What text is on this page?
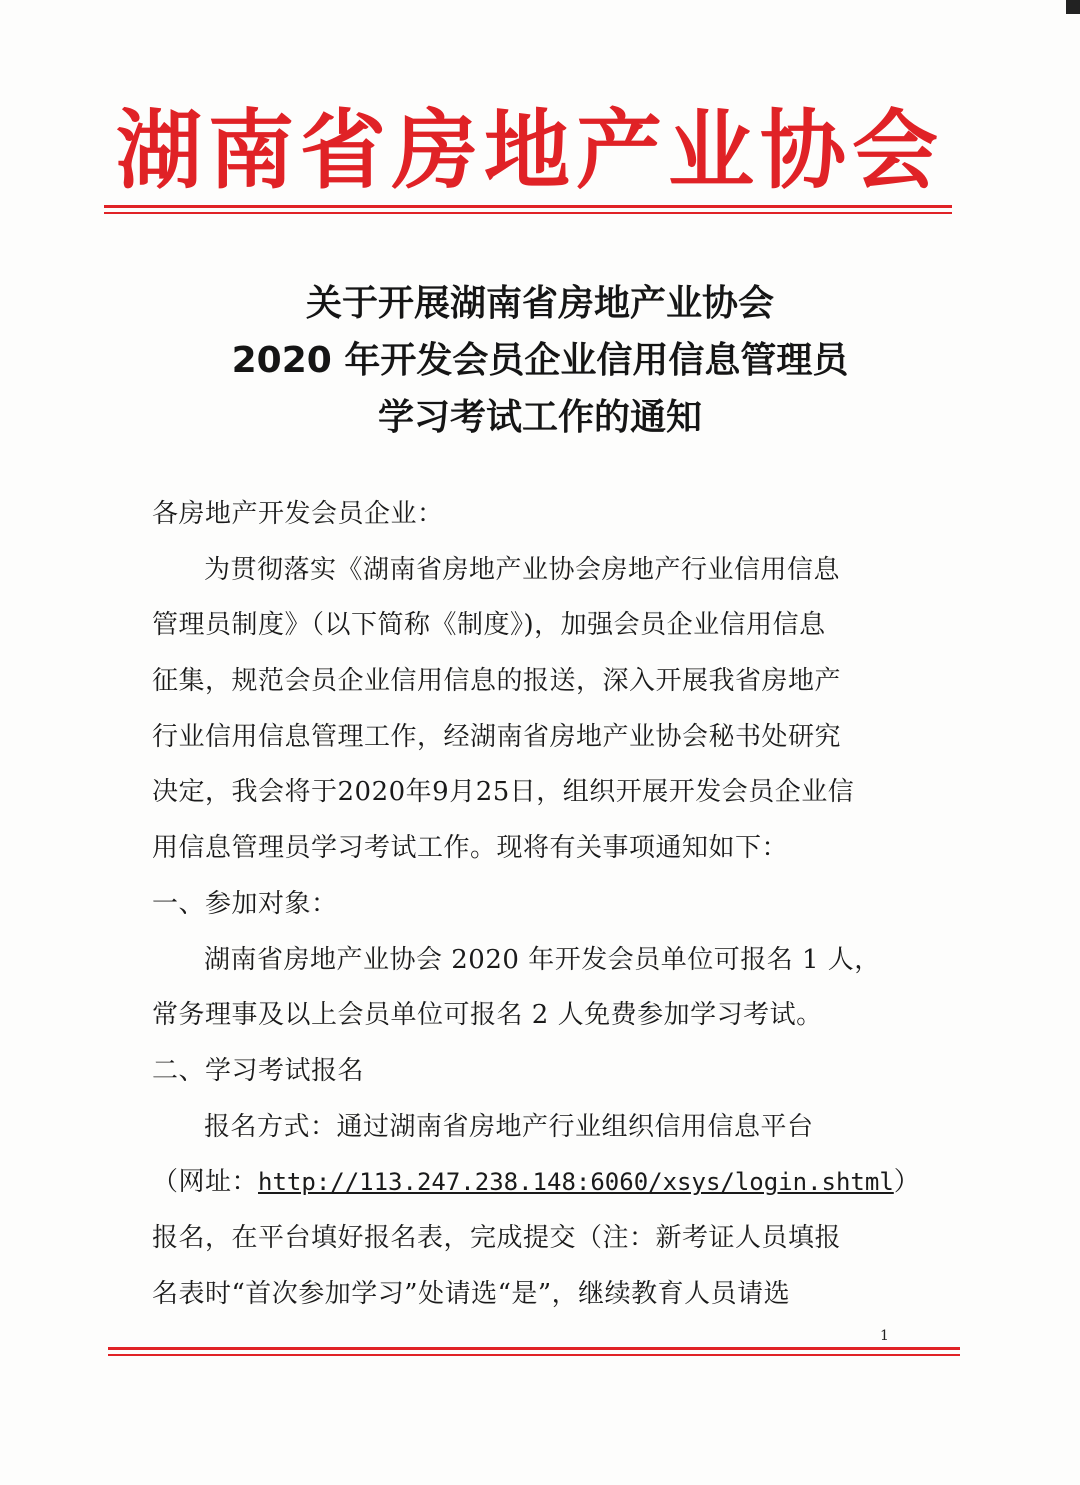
湖南省房地产业协会
关于开展湖南省房地产业协会
2020 年开发会员企业信用信息管理员
学习考试工作的通知
各房地产开发会员企业：
为贯彻落实《湖南省房地产业协会房地产行业信用信息
管理员制度》（以下简称《制度》)，加强会员企业信用信息
征集，规范会员企业信用信息的报送，深入开展我省房地产
行业信用信息管理工作，经湖南省房地产业协会秘书处研究
决定，我会将于2020年9月25日，组织开展开发会员企业信
用信息管理员学习考试工作。现将有关事项通知如下：
一、参加对象：
湖南省房地产业协会 2020 年开发会员单位可报名 1 人，
常务理事及以上会员单位可报名 2 人免费参加学习考试。
二、学习考试报名
报名方式：通过湖南省房地产行业组织信用信息平台
（网址：http://113.247.238.148:6060/xsys/login.shtml）
报名，在平台填好报名表，完成提交（注：新考证人员填报
名表时“首次参加学习”处请选“是”，继续教育人员请选
1
